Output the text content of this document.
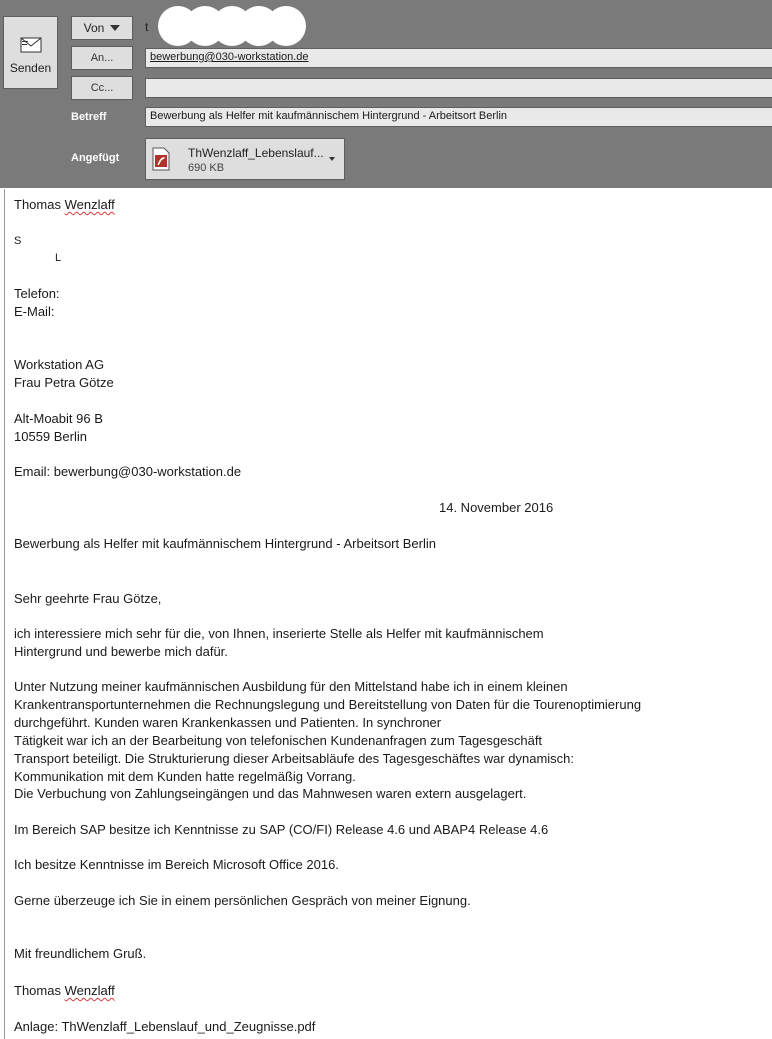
Senden
Von	t
An...	bewerbung@030-workstation.de
Cc...
Betreff	Bewerbung als Helfer mit kaufmännischem Hintergrund - Arbeitsort Berlin
Angefügt	ThWenzlaff_Lebenslauf...
690 KB
Thomas Wenzlaff
S
L
Telefon:
E-Mail:
Workstation AG
Frau Petra Götze
Alt-Moabit 96 B
10559 Berlin
Email: bewerbung@030-workstation.de
14. November 2016
Bewerbung als Helfer mit kaufmännischem Hintergrund - Arbeitsort Berlin
Sehr geehrte Frau Götze,
ich interessiere mich sehr für die, von Ihnen, inserierte Stelle als Helfer mit kaufmännischem
Hintergrund und bewerbe mich dafür.
Unter Nutzung meiner kaufmännischen Ausbildung für den Mittelstand habe ich in einem kleinen
Krankentransportunternehmen die Rechnungslegung und Bereitstellung von Daten für die Tourenoptimierung
durchgeführt. Kunden waren Krankenkassen und Patienten. In synchroner
Tätigkeit war ich an der Bearbeitung von telefonischen Kundenanfragen zum Tagesgeschäft
Transport beteiligt. Die Strukturierung dieser Arbeitsabläufe des Tagesgeschäftes war dynamisch:
Kommunikation mit dem Kunden hatte regelmäßig Vorrang.
Die Verbuchung von Zahlungseingängen und das Mahnwesen waren extern ausgelagert.
Im Bereich SAP besitze ich Kenntnisse zu SAP (CO/FI) Release 4.6 und ABAP4 Release 4.6
Ich besitze Kenntnisse im Bereich Microsoft Office 2016.
Gerne überzeuge ich Sie in einem persönlichen Gespräch von meiner Eignung.
Mit freundlichem Gruß.
Thomas Wenzlaff
Anlage: ThWenzlaff_Lebenslauf_und_Zeugnisse.pdf
